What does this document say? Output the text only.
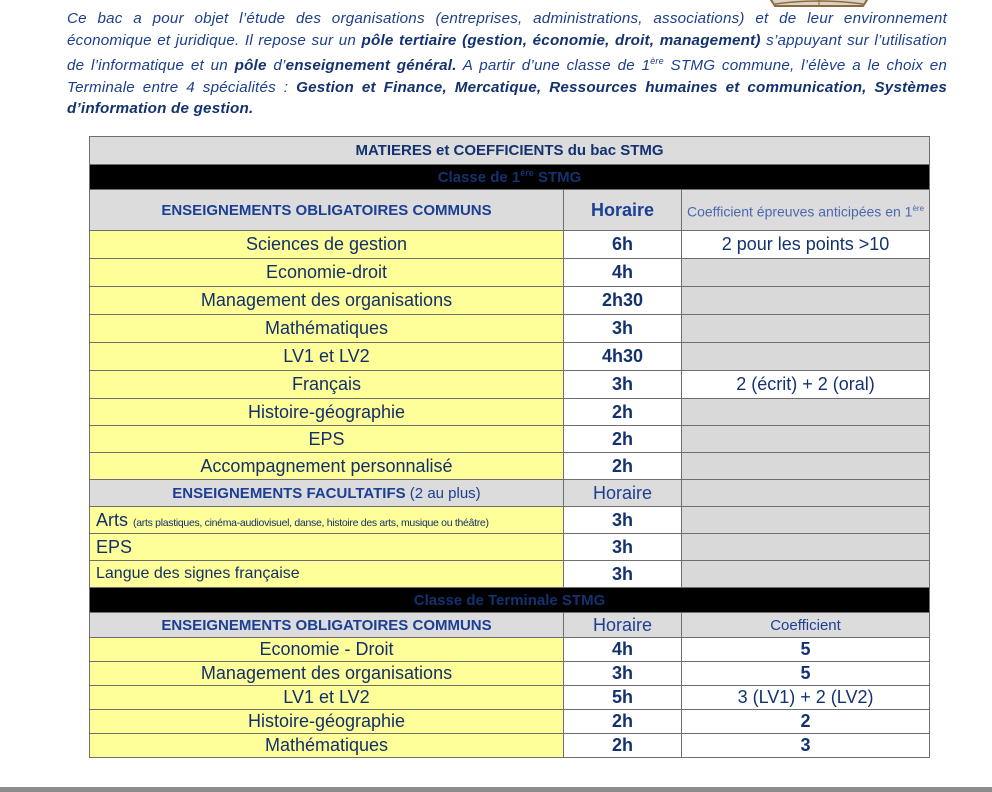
Ce bac a pour objet l’étude des organisations (entreprises, administrations, associations) et de leur environnement économique et juridique. Il repose sur un pôle tertiaire (gestion, économie, droit, management) s’appuyant sur l’utilisation de l’informatique et un pôle d’enseignement général. A partir d’une classe de 1ère STMG commune, l’élève a le choix en Terminale entre 4 spécialités : Gestion et Finance, Mercatique, Ressources humaines et communication, Systèmes d’information de gestion.
MATIERES et COEFFICIENTS du bac STMG		
Classe de 1ère STMG		
ENSEIGNEMENTS OBLIGATOIRES COMMUNS	Horaire	Coefficient épreuves anticipées en 1ère
Sciences de gestion	6h	2 pour les points >10
Economie-droit	4h	
Management des organisations	2h30	
Mathématiques	3h	
LV1 et LV2	4h30	
Français	3h	2 (écrit) + 2 (oral)
Histoire-géographie	2h	
EPS	2h	
Accompagnement personnalisé	2h	
ENSEIGNEMENTS FACULTATIFS (2 au plus)	Horaire	
Arts (arts plastiques, cinéma-audiovisuel, danse, histoire des arts, musique ou théâtre)	3h	
EPS	3h	
Langue des signes française	3h	
Classe de Terminale STMG		
ENSEIGNEMENTS OBLIGATOIRES COMMUNS	Horaire	Coefficient
Economie - Droit	4h	5
Management des organisations	3h	5
LV1 et LV2	5h	3 (LV1) + 2 (LV2)
Histoire-géographie	2h	2
Mathématiques	2h	3
